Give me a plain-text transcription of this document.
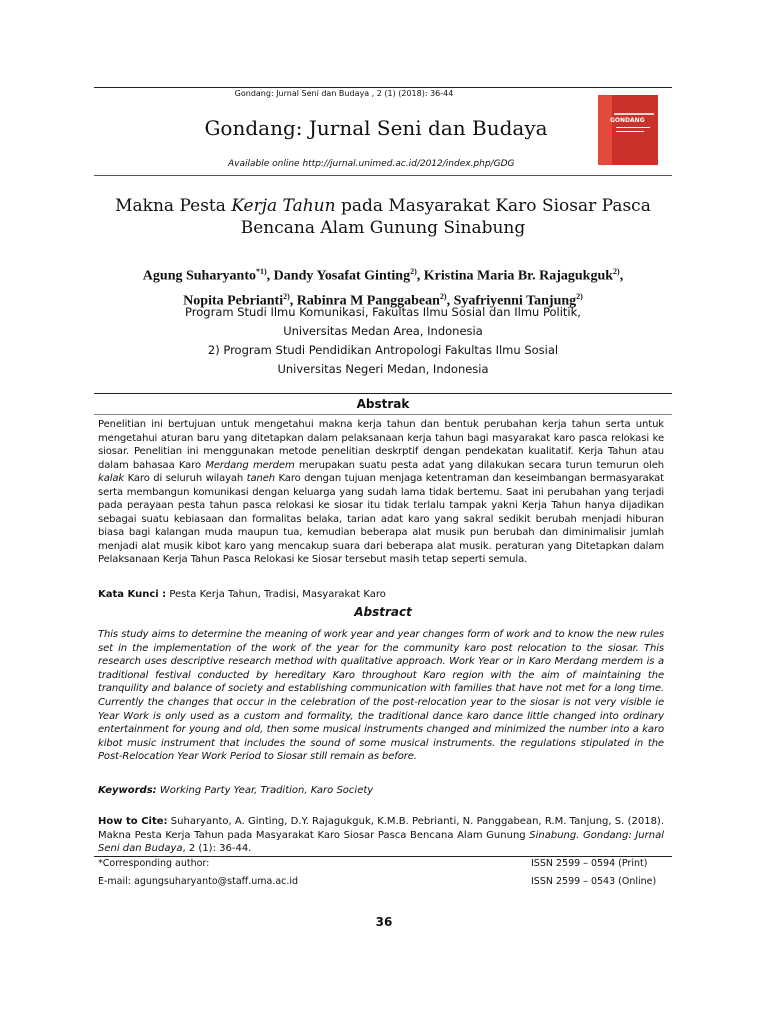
Gondang: Jurnal Seni dan Budaya , 2 (1) (2018): 36-44
Gondang: Jurnal Seni dan Budaya
Available online http://jurnal.unimed.ac.id/2012/index.php/GDG
GONDANG
Makna Pesta Kerja Tahun pada Masyarakat Karo Siosar Pasca
Bencana Alam Gunung Sinabung
Agung Suharyanto$^{*1)}$, Dandy Yosafat Ginting$^{2)}$, Kristina Maria Br. Rajagukguk$^{2)}$,
Nopita Pebrianti$^{2)}$, Rabinra M Panggabean$^{2)}$, Syafriyenni Tanjung$^{2)}$
Program Studi Ilmu Komunikasi, Fakultas Ilmu Sosial dan Ilmu Politik,
Universitas Medan Area, Indonesia
2) Program Studi Pendidikan Antropologi Fakultas Ilmu Sosial
Universitas Negeri Medan, Indonesia
Abstrak
Penelitian ini bertujuan untuk mengetahui makna kerja tahun dan bentuk perubahan kerja tahun serta untuk mengetahui aturan baru yang ditetapkan dalam pelaksanaan kerja tahun bagi masyarakat karo pasca relokasi ke siosar. Penelitian ini menggunakan metode penelitian deskrptif dengan pendekatan kualitatif. Kerja Tahun atau dalam bahasaa Karo Merdang merdem merupakan suatu pesta adat yang dilakukan secara turun temurun oleh kalak Karo di seluruh wilayah taneh Karo dengan tujuan menjaga ketentraman dan keseimbangan bermasyarakat serta membangun komunikasi dengan keluarga yang sudah lama tidak bertemu. Saat ini perubahan yang terjadi pada perayaan pesta tahun pasca relokasi ke siosar itu tidak terlalu tampak yakni Kerja Tahun hanya dijadikan sebagai suatu kebiasaan dan formalitas belaka, tarian adat karo yang sakral sedikit berubah menjadi hiburan biasa bagi kalangan muda maupun tua, kemudian beberapa alat musik pun berubah dan diminimalisir jumlah menjadi alat musik kibot karo yang mencakup suara dari beberapa alat musik. peraturan yang Ditetapkan dalam Pelaksanaan Kerja Tahun Pasca Relokasi ke Siosar tersebut masih tetap seperti semula.
Kata Kunci : Pesta Kerja Tahun, Tradisi, Masyarakat Karo
Abstract
This study aims to determine the meaning of work year and year changes form of work and to know the new rules set in the implementation of the work of the year for the community karo post relocation to the siosar. This research uses descriptive research method with qualitative approach. Work Year or in Karo Merdang merdem is a traditional festival conducted by hereditary Karo throughout Karo region with the aim of maintaining the tranquility and balance of society and establishing communication with families that have not met for a long time. Currently the changes that occur in the celebration of the post-relocation year to the siosar is not very visible ie Year Work is only used as a custom and formality, the traditional dance karo dance little changed into ordinary entertainment for young and old, then some musical instruments changed and minimized the number into a karo kibot music instrument that includes the sound of some musical instruments. the regulations stipulated in the Post-Relocation Year Work Period to Siosar still remain as before.
Keywords: Working Party Year, Tradition, Karo Society
How to Cite: Suharyanto, A. Ginting, D.Y. Rajagukguk, K.M.B. Pebrianti, N. Panggabean, R.M. Tanjung, S. (2018). Makna Pesta Kerja Tahun pada Masyarakat Karo Siosar Pasca Bencana Alam Gunung Sinabung. Gondang: Jurnal Seni dan Budaya, 2 (1): 36-44.
*Corresponding author:
E-mail: agungsuharyanto@staff.uma.ac.id
ISSN 2599 – 0594 (Print)
ISSN 2599 – 0543 (Online)
36
